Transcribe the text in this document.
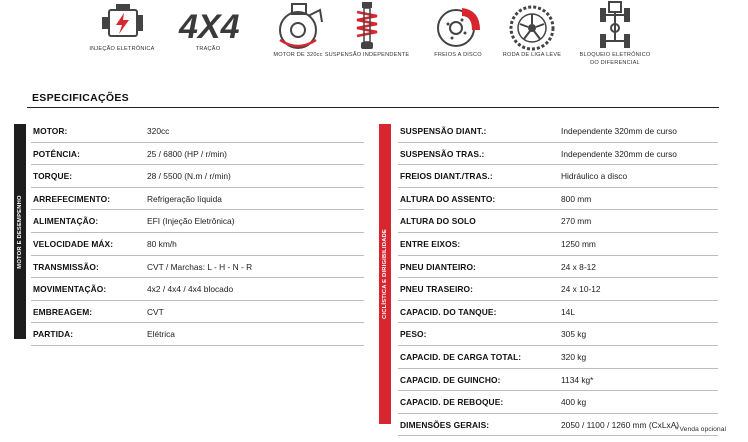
INJEÇÃO ELETRÔNICA
4X4
TRAÇÃO
MOTOR DE 320cc SUSPENSÃO INDEPENDENTE	FREIOS A DISCO	RODA DE LIGA LEVE	BLOQUEIO ELETRÔNICO
DO DIFERENCIAL
ESPECIFICAÇÕES
MOTOR E DESEMPENHO	CICLÍSTICA E DIRIGIBILIDADE
MOTOR:	320cc
POTÊNCIA:	25 / 6800 (HP / r/min)
TORQUE:	28 / 5500 (N.m / r/min)
ARREFECIMENTO:	Refrigeração líquida
ALIMENTAÇÃO:	EFI (Injeção Eletrônica)
VELOCIDADE MÁX:	80 km/h
TRANSMISSÃO:	CVT / Marchas: L - H - N - R
MOVIMENTAÇÃO:	4x2 / 4x4 / 4x4 blocado
EMBREAGEM:	CVT
PARTIDA:	Elétrica
SUSPENSÃO DIANT.:	Independente 320mm de curso
SUSPENSÃO TRAS.:	Independente 320mm de curso
FREIOS DIANT./TRAS.:	Hidráulico a disco
ALTURA DO ASSENTO:	800 mm
ALTURA DO SOLO	270 mm
ENTRE EIXOS:	1250 mm
PNEU DIANTEIRO:	24 x 8-12
PNEU TRASEIRO:	24 x 10-12
CAPACID. DO TANQUE:	14L
PESO:	305 kg
CAPACID. DE CARGA TOTAL:	320 kg
CAPACID. DE GUINCHO:	1134 kg*
CAPACID. DE REBOQUE:	400 kg
DIMENSÕES GERAIS:	2050 / 1100 / 1260 mm (CxLxA)
* Venda opcional
